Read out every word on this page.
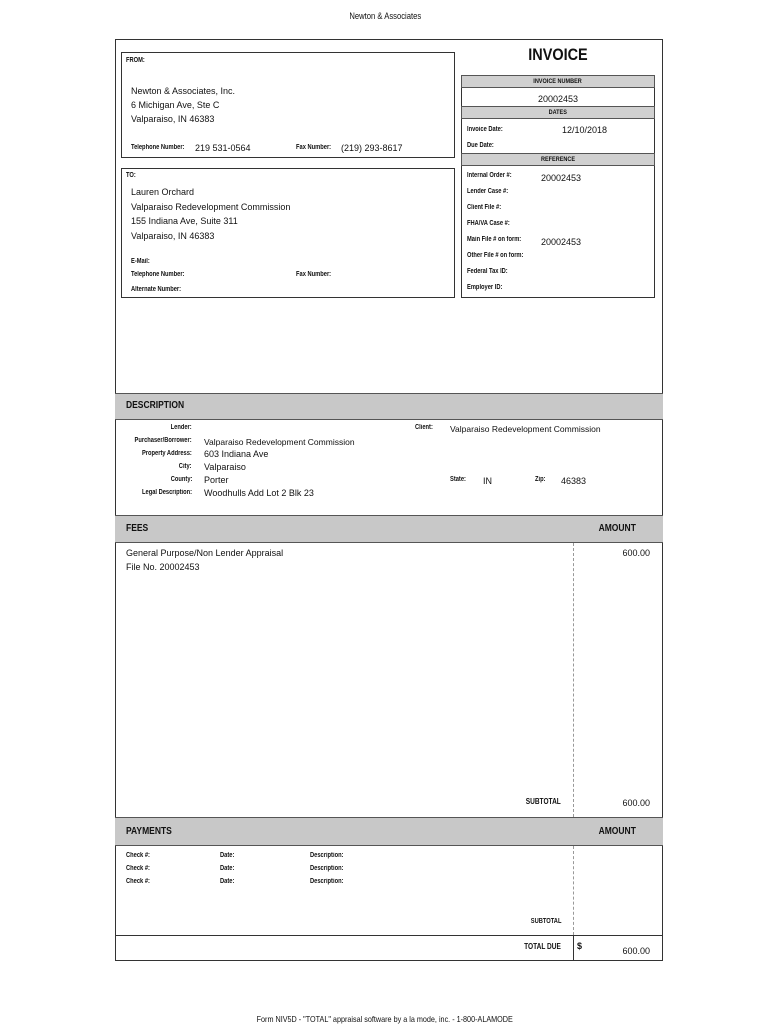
Newton & Associates
INVOICE
FROM:
Newton & Associates, Inc.
6 Michigan Ave, Ste C
Valparaiso, IN 46383
Telephone Number: 219 531-0564	Fax Number: (219) 293-8617
TO:
Lauren Orchard
Valparaiso Redevelopment Commission
155 Indiana Ave, Suite 311
Valparaiso, IN 46383
E-Mail:
Telephone Number:	Fax Number:
Alternate Number:
INVOICE NUMBER
20002453
DATES
Invoice Date:	12/10/2018
Due Date:
REFERENCE
Internal Order #:	20002453
Lender Case #:
Client File #:
FHA/VA Case #:
Main File # on form: 20002453
Other File # on form:
Federal Tax ID:
Employer ID:
DESCRIPTION
Lender:	Client: Valparaiso Redevelopment Commission
Purchaser/Borrower: Valparaiso Redevelopment Commission
Property Address: 603 Indiana Ave
City: Valparaiso
County: Porter	State: IN	Zip: 46383
Legal Description: Woodhulls Add Lot 2 Blk 23
FEES	AMOUNT
General Purpose/Non Lender Appraisal
File No. 20002453
600.00
SUBTOTAL	600.00
PAYMENTS	AMOUNT
Check #:	Date:	Description:
Check #:	Date:	Description:
Check #:	Date:	Description:
SUBTOTAL
TOTAL DUE $	600.00
Form NIV5D - "TOTAL" appraisal software by a la mode, inc. - 1-800-ALAMODE
